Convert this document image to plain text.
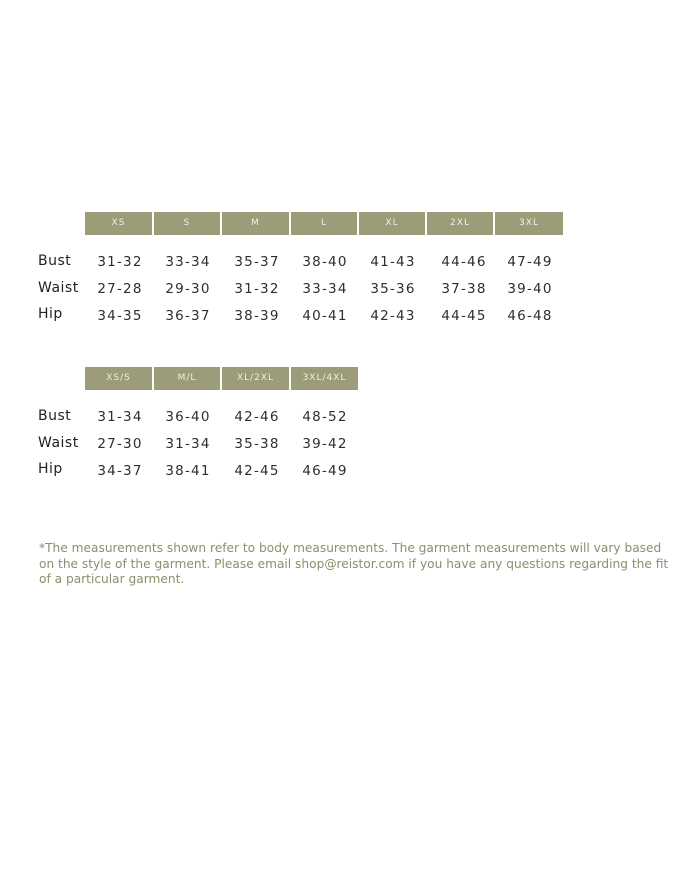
XS	S	M	L	XL	2XL	3XL
Bust	31-32	33-34	35-37	38-40	41-43	44-46	47-49
Waist	27-28	29-30	31-32	33-34	35-36	37-38	39-40
Hip	34-35	36-37	38-39	40-41	42-43	44-45	46-48
XS/S	M/L	XL/2XL	3XL/4XL
Bust	31-34	36-40	42-46	48-52
Waist	27-30	31-34	35-38	39-42
Hip	34-37	38-41	42-45	46-49
*The measurements shown refer to body measurements. The garment measurements will vary based on the style of the garment. Please email shop@reistor.com if you have any questions regarding the fit of a particular garment.
